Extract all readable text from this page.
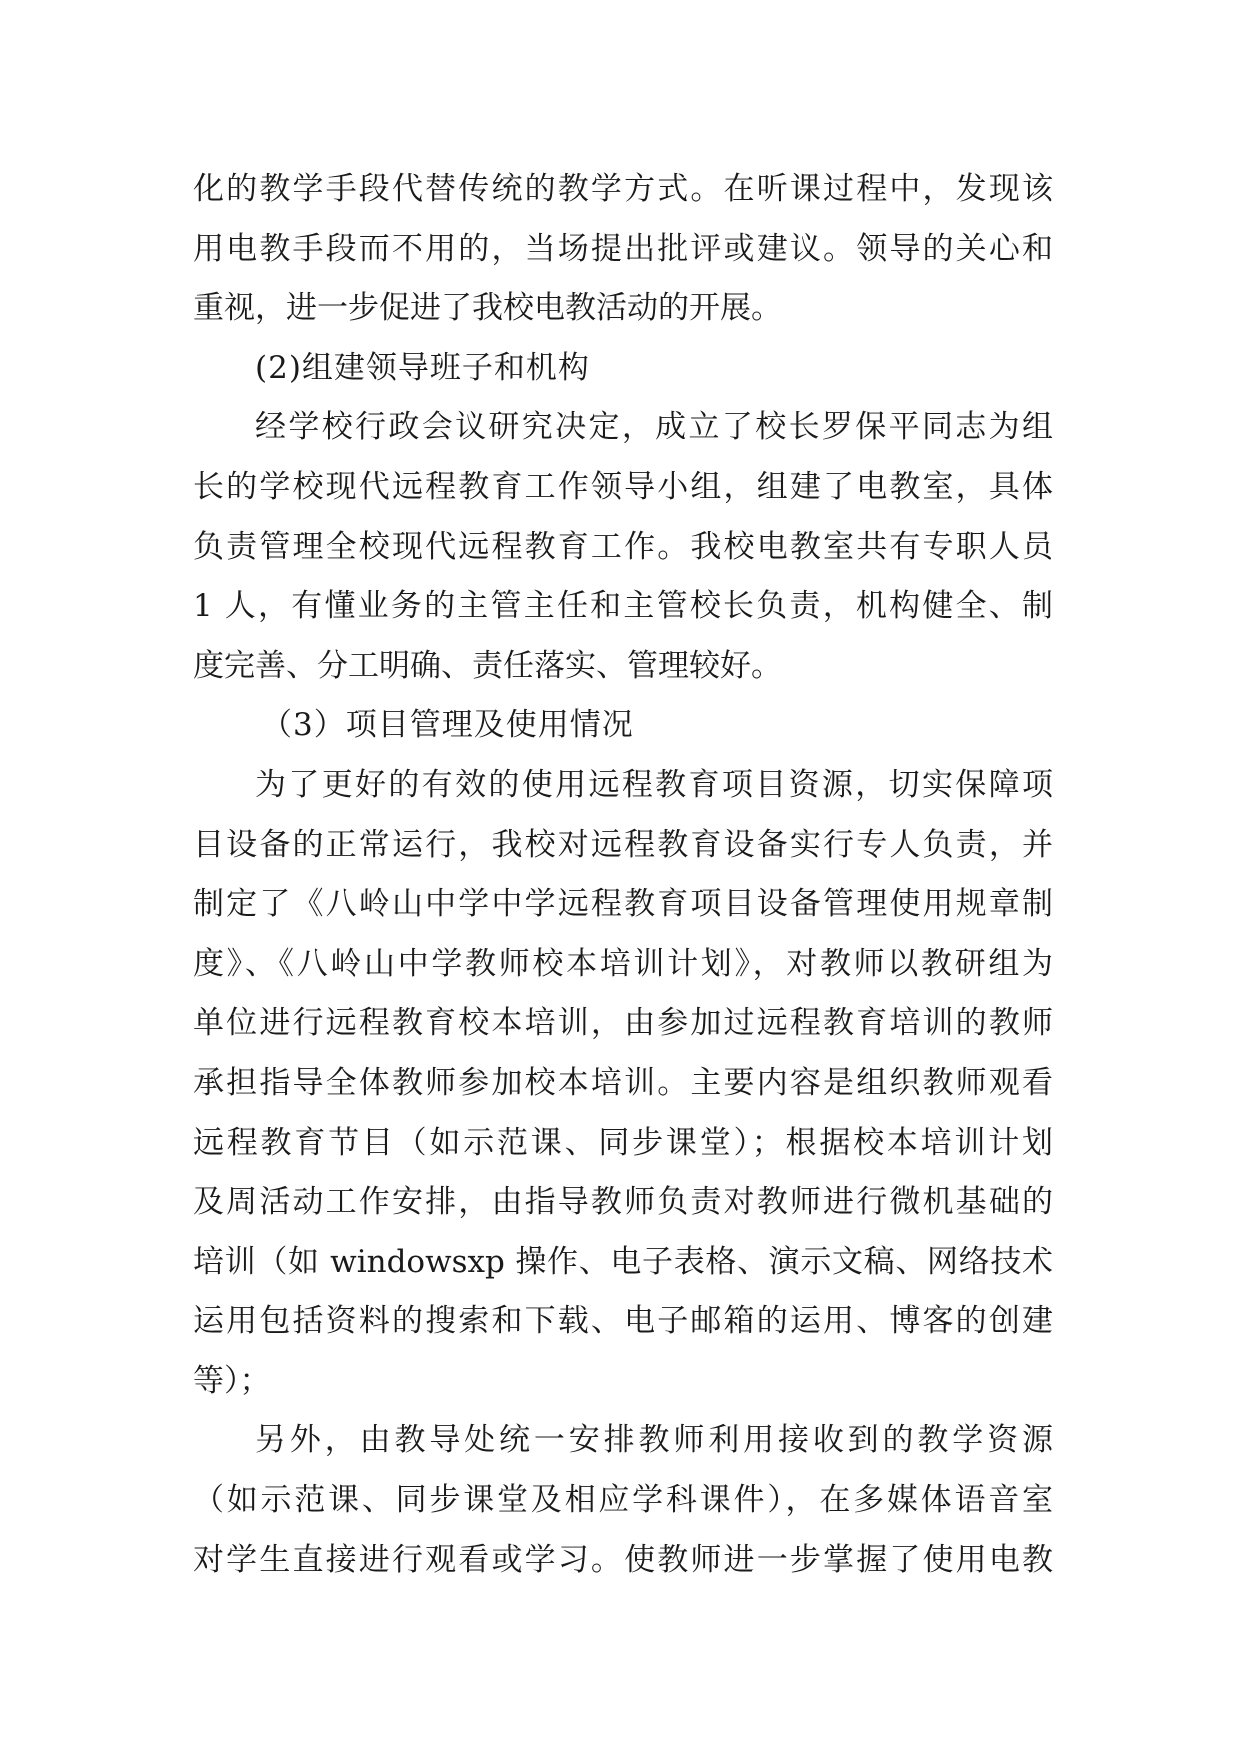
化的教学手段代替传统的教学方式。在听课过程中，发现该
用电教手段而不用的，当场提出批评或建议。领导的关心和
重视，进一步促进了我校电教活动的开展。
(2)组建领导班子和机构
经学校行政会议研究决定，成立了校长罗保平同志为组
长的学校现代远程教育工作领导小组，组建了电教室，具体
负责管理全校现代远程教育工作。我校电教室共有专职人员
1 人，有懂业务的主管主任和主管校长负责，机构健全、制
度完善、分工明确、责任落实、管理较好。
（3）项目管理及使用情况
为了更好的有效的使用远程教育项目资源，切实保障项
目设备的正常运行，我校对远程教育设备实行专人负责，并
制定了《八岭山中学中学远程教育项目设备管理使用规章制
度》、《八岭山中学教师校本培训计划》，对教师以教研组为
单位进行远程教育校本培训，由参加过远程教育培训的教师
承担指导全体教师参加校本培训。主要内容是组织教师观看
远程教育节目（如示范课、同步课堂）；根据校本培训计划
及周活动工作安排，由指导教师负责对教师进行微机基础的
培训（如 windowsxp 操作、电子表格、演示文稿、网络技术
运用包括资料的搜索和下载、电子邮箱的运用、博客的创建
等）；
另外，由教导处统一安排教师利用接收到的教学资源
（如示范课、同步课堂及相应学科课件），在多媒体语音室
对学生直接进行观看或学习。使教师进一步掌握了使用电教
